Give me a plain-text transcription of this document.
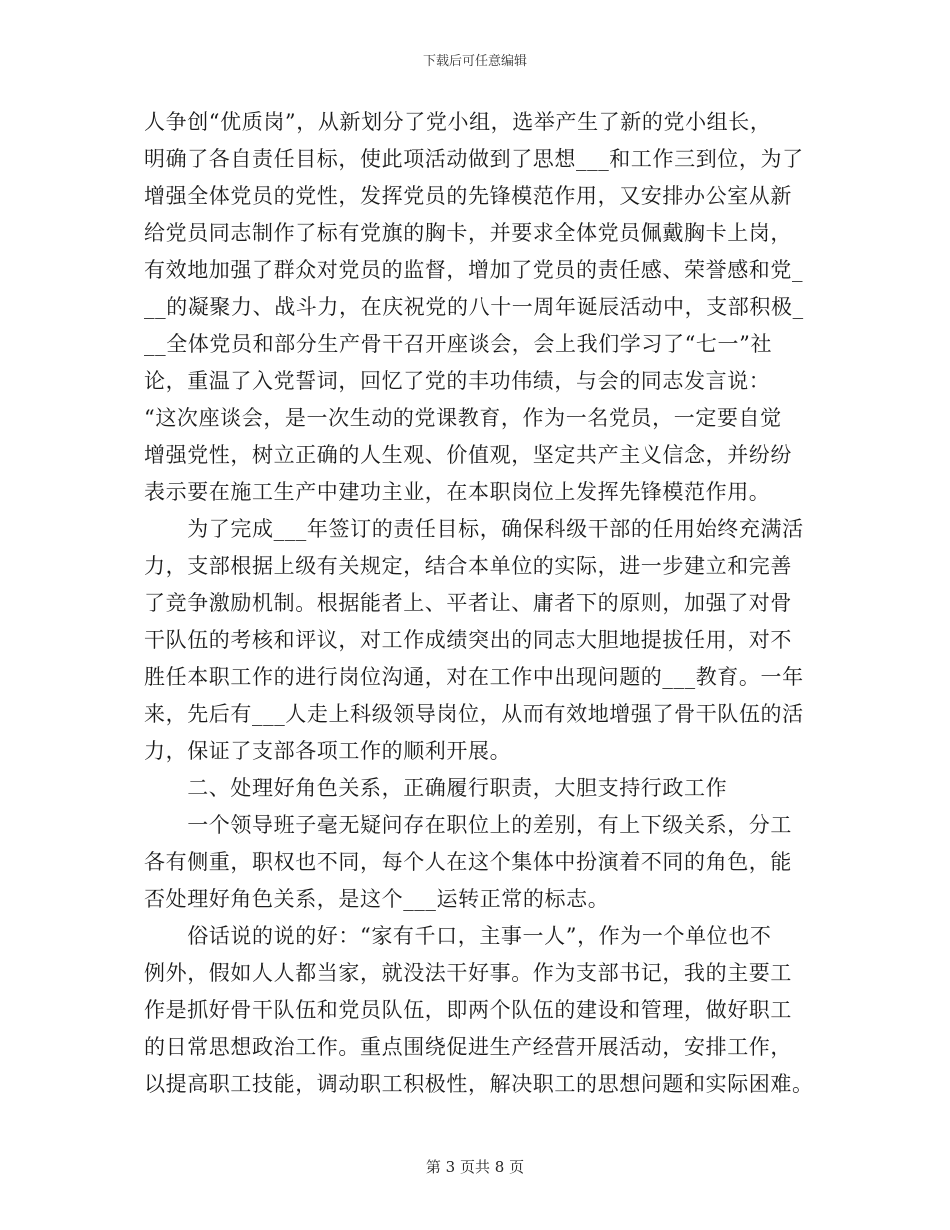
下载后可任意编辑
人争创“优质岗”，从新划分了党小组，选举产生了新的党小组长，
明确了各自责任目标，使此项活动做到了思想___和工作三到位，为了
增强全体党员的党性，发挥党员的先锋模范作用，又安排办公室从新
给党员同志制作了标有党旗的胸卡，并要求全体党员佩戴胸卡上岗，
有效地加强了群众对党员的监督，增加了党员的责任感、荣誉感和党_
__的凝聚力、战斗力，在庆祝党的八十一周年诞辰活动中，支部积极_
__全体党员和部分生产骨干召开座谈会，会上我们学习了“七一”社
论，重温了入党誓词，回忆了党的丰功伟绩，与会的同志发言说：
“这次座谈会，是一次生动的党课教育，作为一名党员，一定要自觉
增强党性，树立正确的人生观、价值观，坚定共产主义信念，并纷纷
表示要在施工生产中建功主业，在本职岗位上发挥先锋模范作用。
　　为了完成___年签订的责任目标，确保科级干部的任用始终充满活
力，支部根据上级有关规定，结合本单位的实际，进一步建立和完善
了竞争激励机制。根据能者上、平者让、庸者下的原则，加强了对骨
干队伍的考核和评议，对工作成绩突出的同志大胆地提拔任用，对不
胜任本职工作的进行岗位沟通，对在工作中出现问题的___教育。一年
来，先后有___人走上科级领导岗位，从而有效地增强了骨干队伍的活
力，保证了支部各项工作的顺利开展。
　　二、处理好角色关系，正确履行职责，大胆支持行政工作
　　一个领导班子毫无疑问存在职位上的差别，有上下级关系，分工
各有侧重，职权也不同，每个人在这个集体中扮演着不同的角色，能
否处理好角色关系，是这个___运转正常的标志。
　　俗话说的说的好：“家有千口，主事一人”，作为一个单位也不
例外，假如人人都当家，就没法干好事。作为支部书记，我的主要工
作是抓好骨干队伍和党员队伍，即两个队伍的建设和管理，做好职工
的日常思想政治工作。重点围绕促进生产经营开展活动，安排工作，
以提高职工技能，调动职工积极性，解决职工的思想问题和实际困难。
第 3 页共 8 页
